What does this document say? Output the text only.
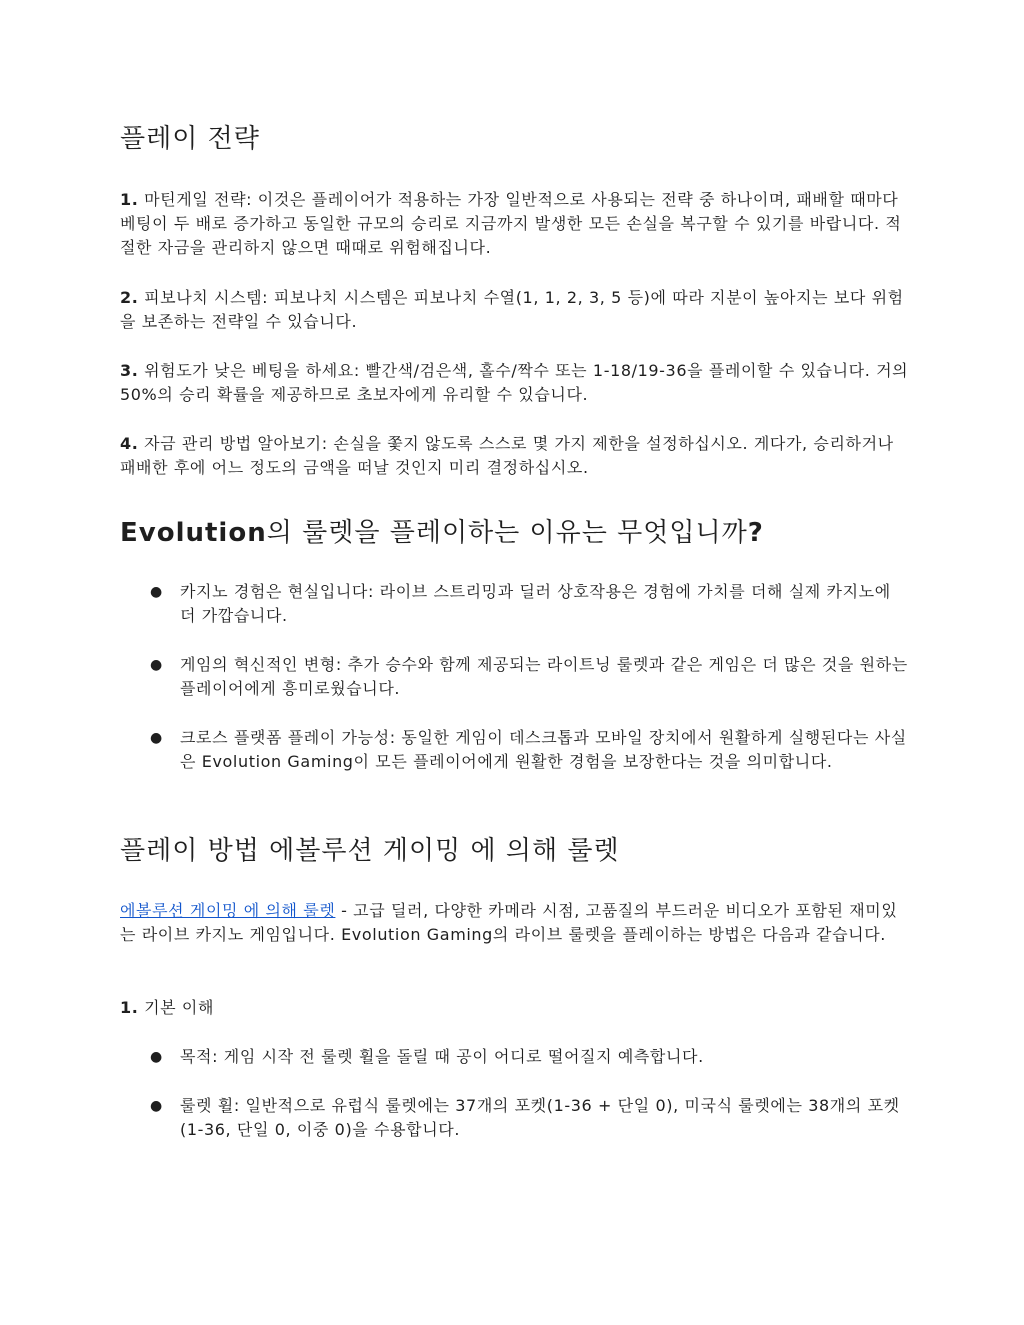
플레이 전략

1. 마틴게일 전략: 이것은 플레이어가 적용하는 가장 일반적으로 사용되는 전략 중 하나이며, 패배할 때마다 베팅이 두 배로 증가하고 동일한 규모의 승리로 지금까지 발생한 모든 손실을 복구할 수 있기를 바랍니다. 적절한 자금을 관리하지 않으면 때때로 위험해집니다.

2. 피보나치 시스템: 피보나치 시스템은 피보나치 수열(1, 1, 2, 3, 5 등)에 따라 지분이 높아지는 보다 위험을 보존하는 전략일 수 있습니다.

3. 위험도가 낮은 베팅을 하세요: 빨간색/검은색, 홀수/짝수 또는 1-18/19-36을 플레이할 수 있습니다. 거의 50%의 승리 확률을 제공하므로 초보자에게 유리할 수 있습니다.

4. 자금 관리 방법 알아보기: 손실을 쫓지 않도록 스스로 몇 가지 제한을 설정하십시오. 게다가, 승리하거나 패배한 후에 어느 정도의 금액을 떠날 것인지 미리 결정하십시오.

Evolution의 룰렛을 플레이하는 이유는 무엇입니까?
● 카지노 경험은 현실입니다: 라이브 스트리밍과 딜러 상호작용은 경험에 가치를 더해 실제 카지노에 더 가깝습니다.
● 게임의 혁신적인 변형: 추가 승수와 함께 제공되는 라이트닝 룰렛과 같은 게임은 더 많은 것을 원하는 플레이어에게 흥미로웠습니다.
● 크로스 플랫폼 플레이 가능성: 동일한 게임이 데스크톱과 모바일 장치에서 원활하게 실행된다는 사실은 Evolution Gaming이 모든 플레이어에게 원활한 경험을 보장한다는 것을 의미합니다.
플레이 방법 에볼루션 게이밍 에 의해 룰렛

에볼루션 게이밍 에 의해 룰렛 - 고급 딜러, 다양한 카메라 시점, 고품질의 부드러운 비디오가 포함된 재미있는 라이브 카지노 게임입니다. Evolution Gaming의 라이브 룰렛을 플레이하는 방법은 다음과 같습니다.

1. 기본 이해

● 목적: 게임 시작 전 룰렛 휠을 돌릴 때 공이 어디로 떨어질지 예측합니다.
● 룰렛 휠: 일반적으로 유럽식 룰렛에는 37개의 포켓(1-36 + 단일 0), 미국식 룰렛에는 38개의 포켓(1-36, 단일 0, 이중 0)을 수용합니다.
